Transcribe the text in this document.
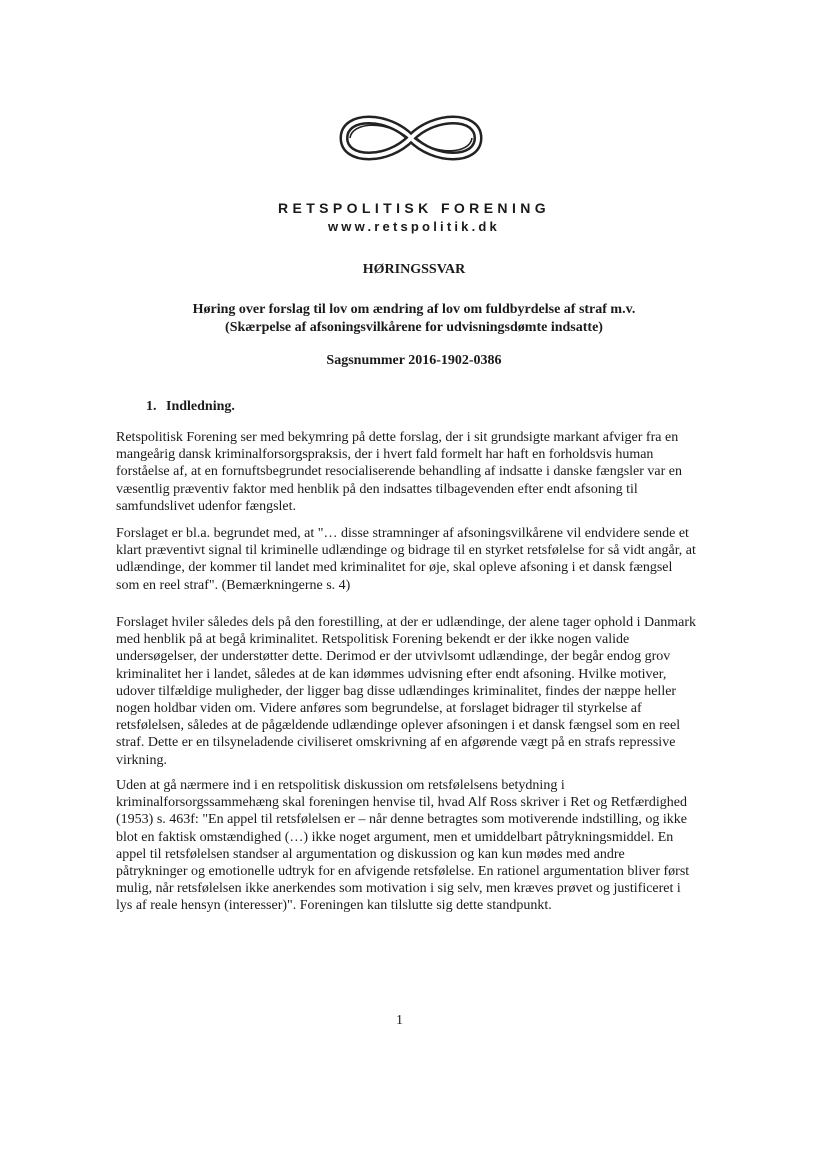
RETSPOLITISK FORENING
www.retspolitik.dk
HØRINGSSVAR
Høring over forslag til lov om ændring af lov om fuldbyrdelse af straf m.v.
(Skærpelse af afsoningsvilkårene for udvisningsdømte indsatte)
Sagsnummer 2016-1902-0386
1. Indledning.

Retspolitisk Forening ser med bekymring på dette forslag, der i sit grundsigte markant afviger fra en mangeårig dansk kriminalforsorgspraksis, der i hvert fald formelt har haft en forholdsvis human forståelse af, at en fornuftsbegrundet resocialiserende behandling af indsatte i danske fængsler var en væsentlig præventiv faktor med henblik på den indsattes tilbagevenden efter endt afsoning til samfundslivet udenfor fængslet.

Forslaget er bl.a. begrundet med, at "… disse stramninger af afsoningsvilkårene vil endvidere sende et klart præventivt signal til kriminelle udlændinge og bidrage til en styrket retsfølelse for så vidt angår, at udlændinge, der kommer til landet med kriminalitet for øje, skal opleve afsoning i et dansk fængsel som en reel straf". (Bemærkningerne s. 4)

Forslaget hviler således dels på den forestilling, at der er udlændinge, der alene tager ophold i Danmark med henblik på at begå kriminalitet. Retspolitisk Forening bekendt er der ikke nogen valide undersøgelser, der understøtter dette. Derimod er der utvivlsomt udlændinge, der begår endog grov kriminalitet her i landet, således at de kan idømmes udvisning efter endt afsoning. Hvilke motiver, udover tilfældige muligheder, der ligger bag disse udlændinges kriminalitet, findes der næppe heller nogen holdbar viden om. Videre anføres som begrundelse, at forslaget bidrager til styrkelse af retsfølelsen, således at de pågældende udlændinge oplever afsoningen i et dansk fængsel som en reel straf. Dette er en tilsyneladende civiliseret omskrivning af en afgørende vægt på en strafs repressive virkning.

Uden at gå nærmere ind i en retspolitisk diskussion om retsfølelsens betydning i kriminalforsorgssammehæng skal foreningen henvise til, hvad Alf Ross skriver i Ret og Retfærdighed (1953) s. 463f: "En appel til retsfølelsen er – når denne betragtes som motiverende indstilling, og ikke blot en faktisk omstændighed (…) ikke noget argument, men et umiddelbart påtrykningsmiddel. En appel til retsfølelsen standser al argumentation og diskussion og kan kun mødes med andre påtrykninger og emotionelle udtryk for en afvigende retsfølelse. En rationel argumentation bliver først mulig, når retsfølelsen ikke anerkendes som motivation i sig selv, men kræves prøvet og justificeret i lys af reale hensyn (interesser)". Foreningen kan tilslutte sig dette standpunkt.

1
